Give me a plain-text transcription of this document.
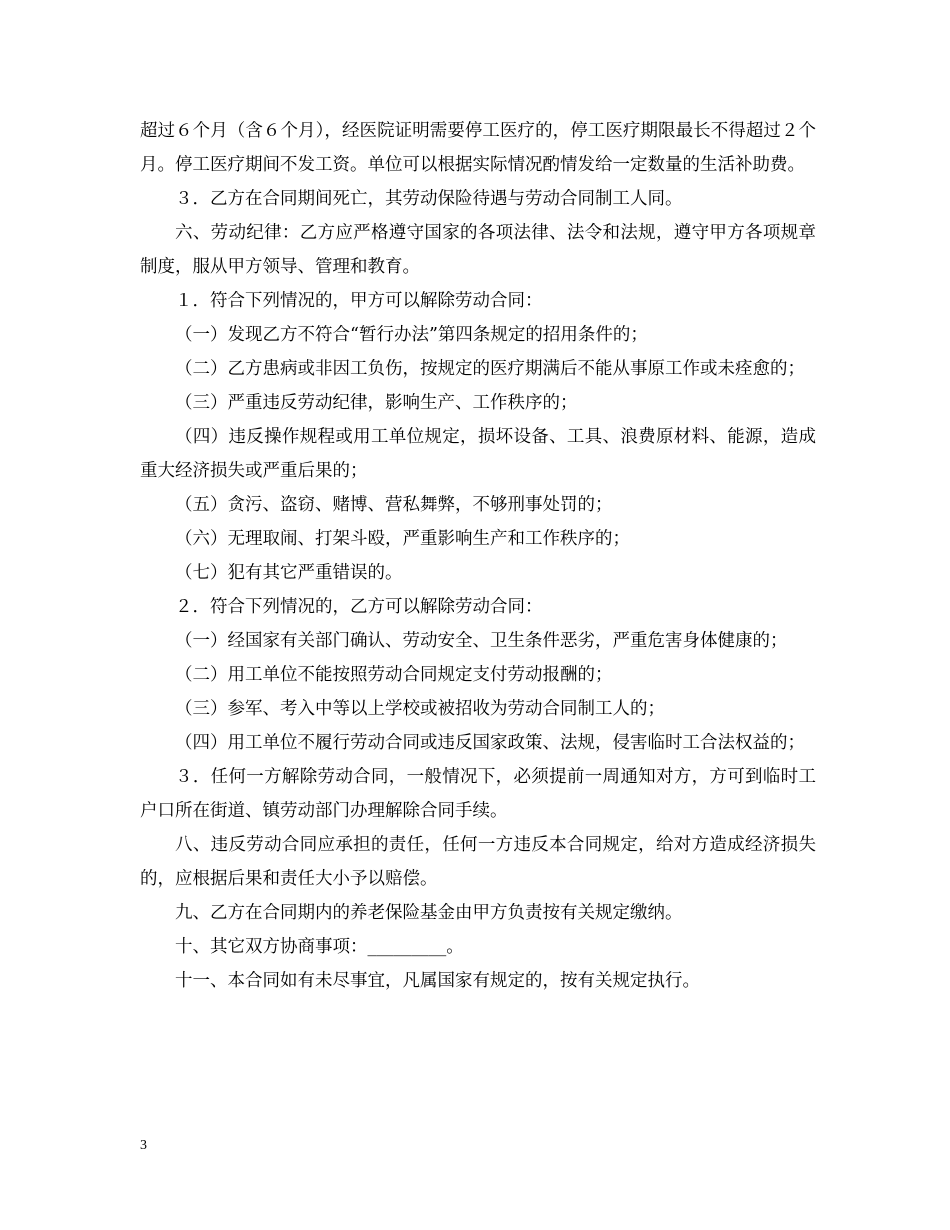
超过６个月（含６个月），经医院证明需要停工医疗的，停工医疗期限最长不得超过２个月。停工医疗期间不发工资。单位可以根据实际情况酌情发给一定数量的生活补助费。

３．乙方在合同期间死亡，其劳动保险待遇与劳动合同制工人同。

六、劳动纪律：乙方应严格遵守国家的各项法律、法令和法规，遵守甲方各项规章制度，服从甲方领导、管理和教育。

１．符合下列情况的，甲方可以解除劳动合同：

（一）发现乙方不符合“暂行办法”第四条规定的招用条件的；

（二）乙方患病或非因工负伤，按规定的医疗期满后不能从事原工作或未痊愈的；

（三）严重违反劳动纪律，影响生产、工作秩序的；

（四）违反操作规程或用工单位规定，损坏设备、工具、浪费原材料、能源，造成重大经济损失或严重后果的；

（五）贪污、盗窃、赌博、营私舞弊，不够刑事处罚的；

（六）无理取闹、打架斗殴，严重影响生产和工作秩序的；

（七）犯有其它严重错误的。

２．符合下列情况的，乙方可以解除劳动合同：

（一）经国家有关部门确认、劳动安全、卫生条件恶劣，严重危害身体健康的；

（二）用工单位不能按照劳动合同规定支付劳动报酬的；

（三）参军、考入中等以上学校或被招收为劳动合同制工人的；

（四）用工单位不履行劳动合同或违反国家政策、法规，侵害临时工合法权益的；

３．任何一方解除劳动合同，一般情况下，必须提前一周通知对方，方可到临时工户口所在街道、镇劳动部门办理解除合同手续。

八、违反劳动合同应承担的责任，任何一方违反本合同规定，给对方造成经济损失的，应根据后果和责任大小予以赔偿。

九、乙方在合同期内的养老保险基金由甲方负责按有关规定缴纳。

十、其它双方协商事项：_________。

十一、本合同如有未尽事宜，凡属国家有规定的，按有关规定执行。

3
